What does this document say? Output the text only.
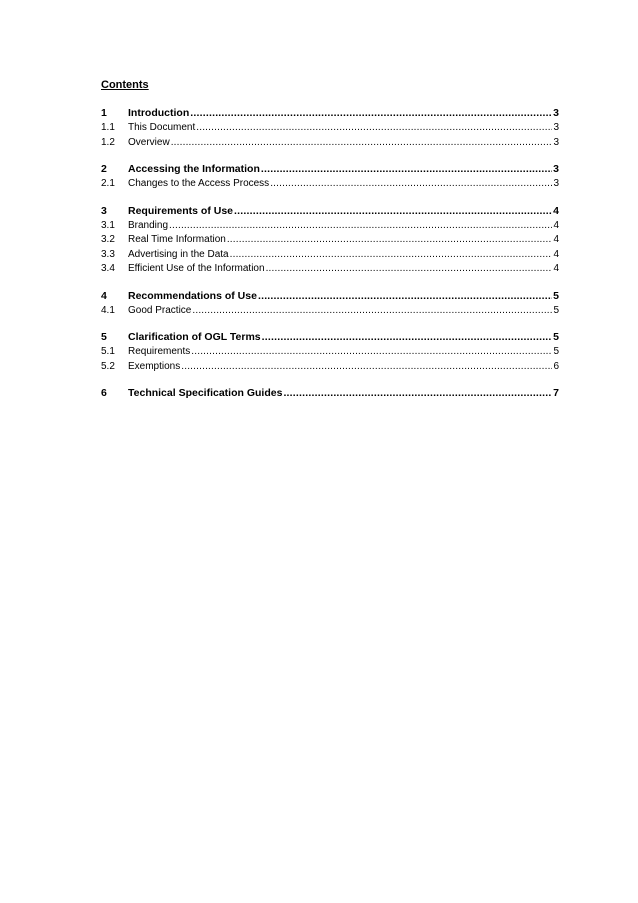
Contents
1	Introduction .....	3
1.1	This Document .....	3
1.2	Overview .....	3
2	Accessing the Information .....	3
2.1	Changes to the Access Process .....	3
3	Requirements of Use .....	4
3.1	Branding .....	4
3.2	Real Time Information .....	4
3.3	Advertising in the Data .....	4
3.4	Efficient Use of the Information .....	4
4	Recommendations of Use .....	5
4.1	Good Practice .....	5
5	Clarification of OGL Terms .....	5
5.1	Requirements .....	5
5.2	Exemptions .....	6
6	Technical Specification Guides .....	7
